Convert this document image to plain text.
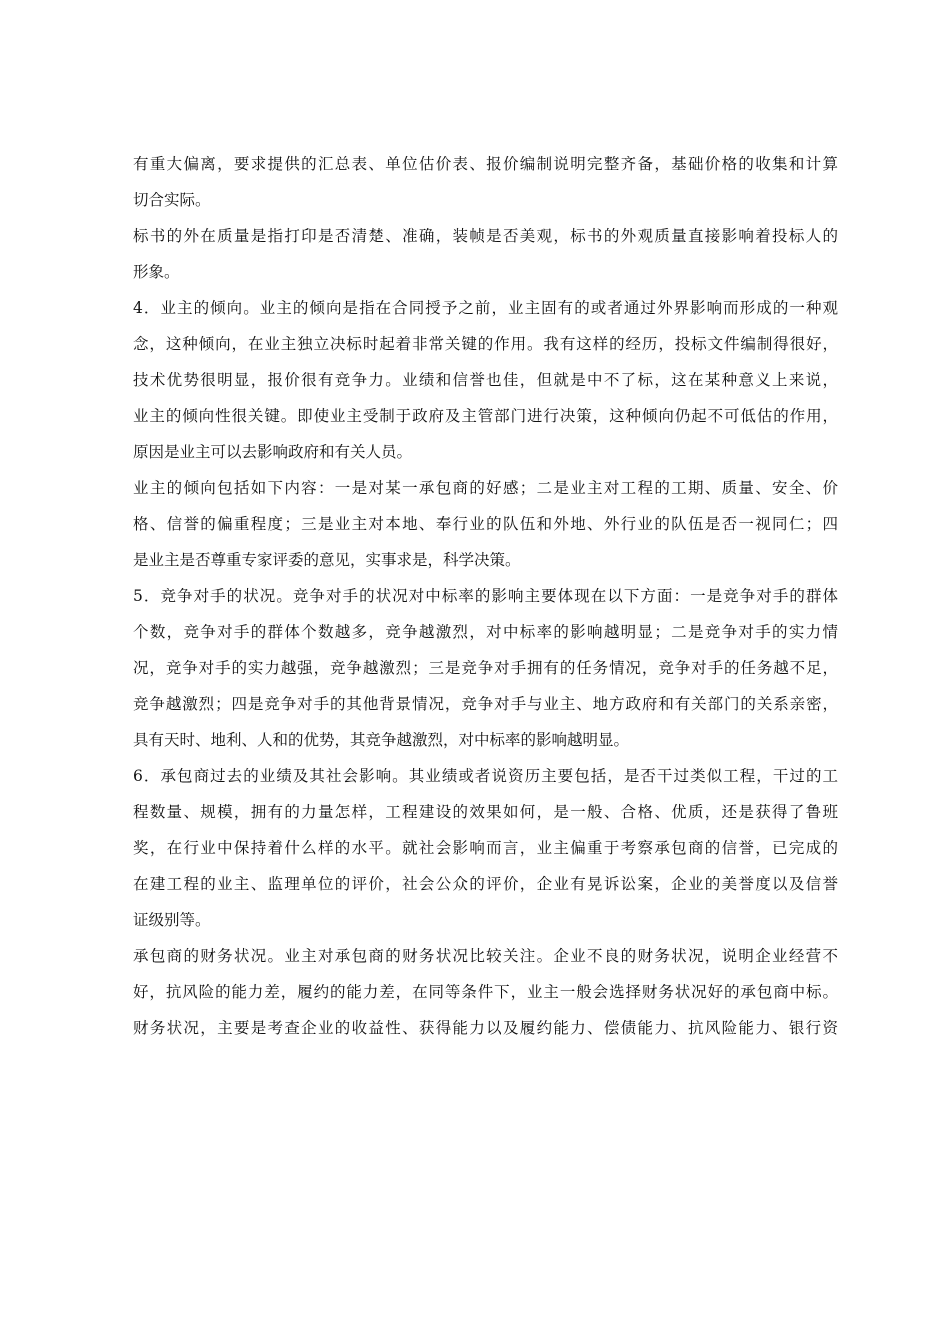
有重大偏离，要求提供的汇总表、单位估价表、报价编制说明完整齐备，基础价格的收集和计算
切合实际。
标书的外在质量是指打印是否清楚、准确，装帧是否美观，标书的外观质量直接影响着投标人的
形象。
4．业主的倾向。业主的倾向是指在合同授予之前，业主固有的或者通过外界影响而形成的一种观
念，这种倾向，在业主独立决标时起着非常关键的作用。我有这样的经历，投标文件编制得很好，
技术优势很明显，报价很有竞争力。业绩和信誉也佳，但就是中不了标，这在某种意义上来说，
业主的倾向性很关键。即使业主受制于政府及主管部门进行决策，这种倾向仍起不可低估的作用，
原因是业主可以去影响政府和有关人员。
业主的倾向包括如下内容：一是对某一承包商的好感；二是业主对工程的工期、质量、安全、价
格、信誉的偏重程度；三是业主对本地、奉行业的队伍和外地、外行业的队伍是否一视同仁；四
是业主是否尊重专家评委的意见，实事求是，科学决策。
5．竞争对手的状况。竞争对手的状况对中标率的影响主要体现在以下方面：一是竞争对手的群体
个数，竞争对手的群体个数越多，竞争越激烈，对中标率的影响越明显；二是竞争对手的实力情
况，竞争对手的实力越强，竞争越激烈；三是竞争对手拥有的任务情况，竞争对手的任务越不足，
竞争越激烈；四是竞争对手的其他背景情况，竞争对手与业主、地方政府和有关部门的关系亲密，
具有天时、地利、人和的优势，其竞争越激烈，对中标率的影响越明显。
6．承包商过去的业绩及其社会影响。其业绩或者说资历主要包括，是否干过类似工程，干过的工
程数量、规模，拥有的力量怎样，工程建设的效果如何，是一般、合格、优质，还是获得了鲁班
奖，在行业中保持着什么样的水平。就社会影响而言，业主偏重于考察承包商的信誉，已完成的
在建工程的业主、监理单位的评价，社会公众的评价，企业有晃诉讼案，企业的美誉度以及信誉
证级别等。
承包商的财务状况。业主对承包商的财务状况比较关注。企业不良的财务状况，说明企业经营不
好，抗风险的能力差，履约的能力差，在同等条件下，业主一般会选择财务状况好的承包商中标。
财务状况，主要是考查企业的收益性、获得能力以及履约能力、偿债能力、抗风险能力、银行资
